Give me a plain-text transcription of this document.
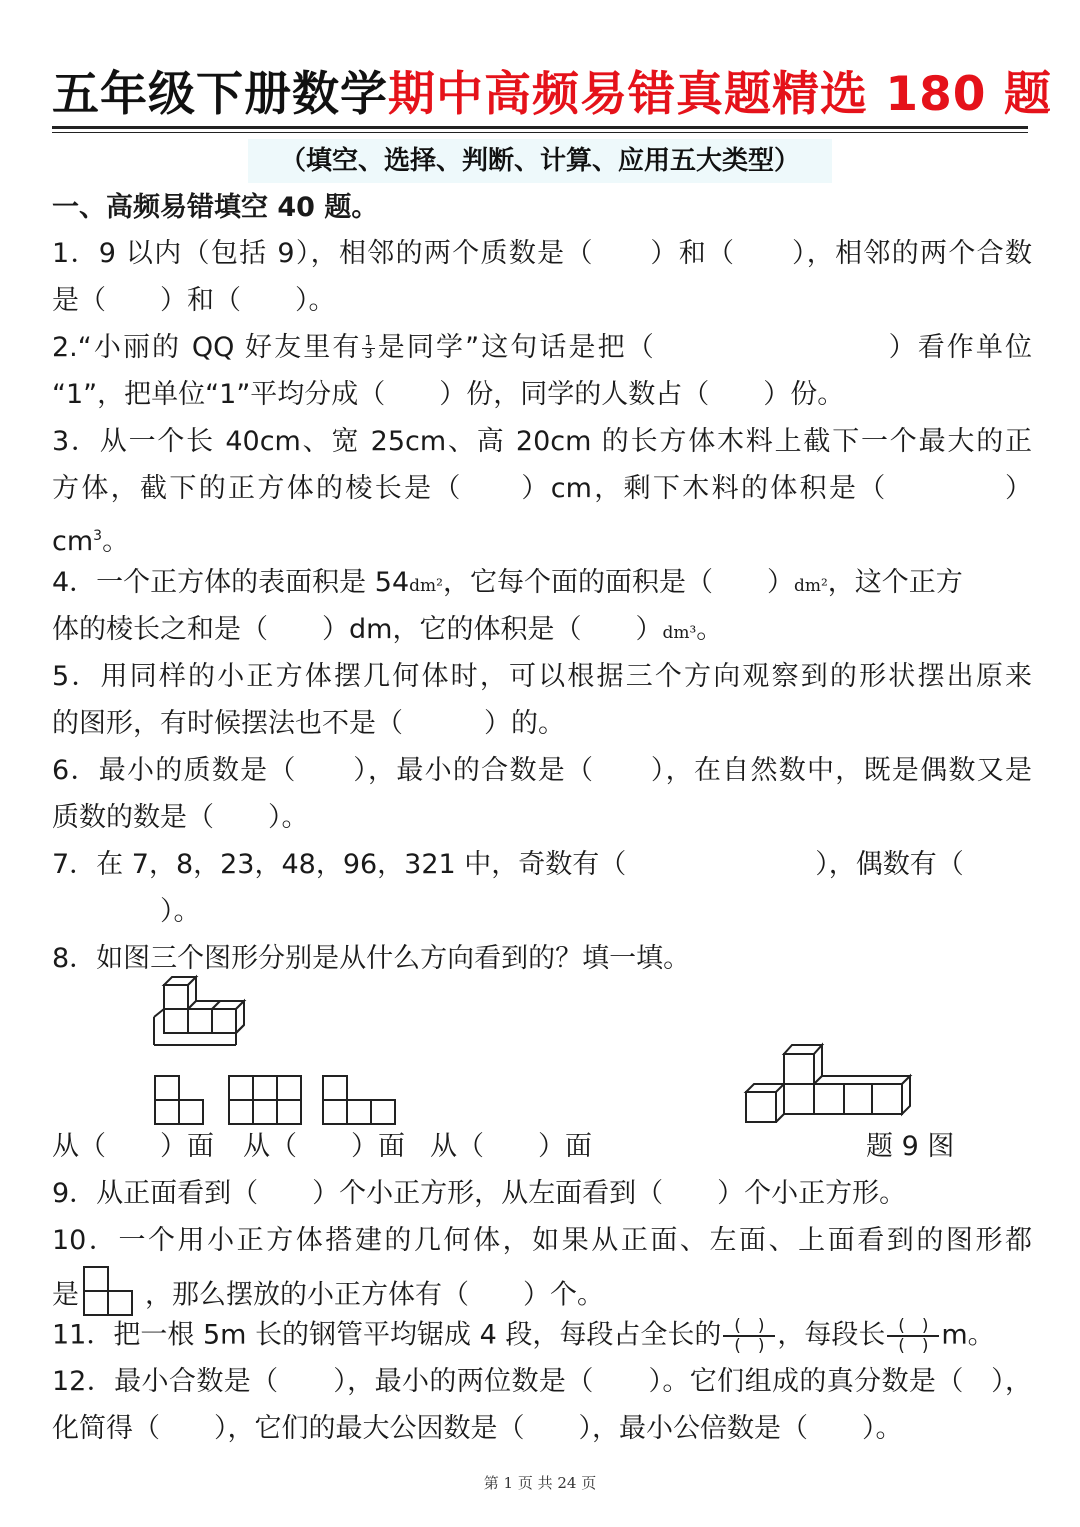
五年级下册数学期中高频易错真题精选 180 题
（填空、选择、判断、计算、应用五大类型）
一、高频易错填空 40 题。
1．9 以内（包括 9），相邻的两个质数是（　　）和（　　），相邻的两个合数
是（　　）和（　　）。
2.“小丽的 QQ 好友里有 $\frac{1}{3}$ 是同学”这句话是把（　　　　　　　　）看作单位
“1”，把单位“1”平均分成（　　）份，同学的人数占（　　）份。
3．从一个长 40cm、宽 25cm、高 20cm 的长方体木料上截下一个最大的正
方体，截下的正方体的棱长是（　　）cm，剩下木料的体积是（　　　　）
$cm^3$。
4．一个正方体的表面积是 54dm²，它每个面的面积是（　　）dm²，这个正方
体的棱长之和是（　　）dm，它的体积是（　　）dm³。
5．用同样的小正方体摆几何体时，可以根据三个方向观察到的形状摆出原来
的图形，有时候摆法也不是（　　　）的。
6．最小的质数是（　　），最小的合数是（　　），在自然数中，既是偶数又是
质数的数是（　　）。
7．在 7，8，23，48，96，321 中，奇数有（　　　　　　　），偶数有（
　　　　）。
8．如图三个图形分别是从什么方向看到的？填一填。
从（　　）面 从（　　）面 从（　　）面	题 9 图
9．从正面看到（　　）个小正方形，从左面看到（　　）个小正方形。
10．一个用小正方体搭建的几何体，如果从正面、左面、上面看到的图形都
是 ，那么摆放的小正方体有（　　）个。
11．把一根 5m 长的钢管平均锯成 4 段，每段占全长的 (　)
(　) ，每段长 (　)
(　) m。
12．最小合数是（　　），最小的两位数是（　　）。它们组成的真分数是（　），
化简得（　　），它们的最大公因数是（　　），最小公倍数是（　　）。
第 1 页 共 24 页
